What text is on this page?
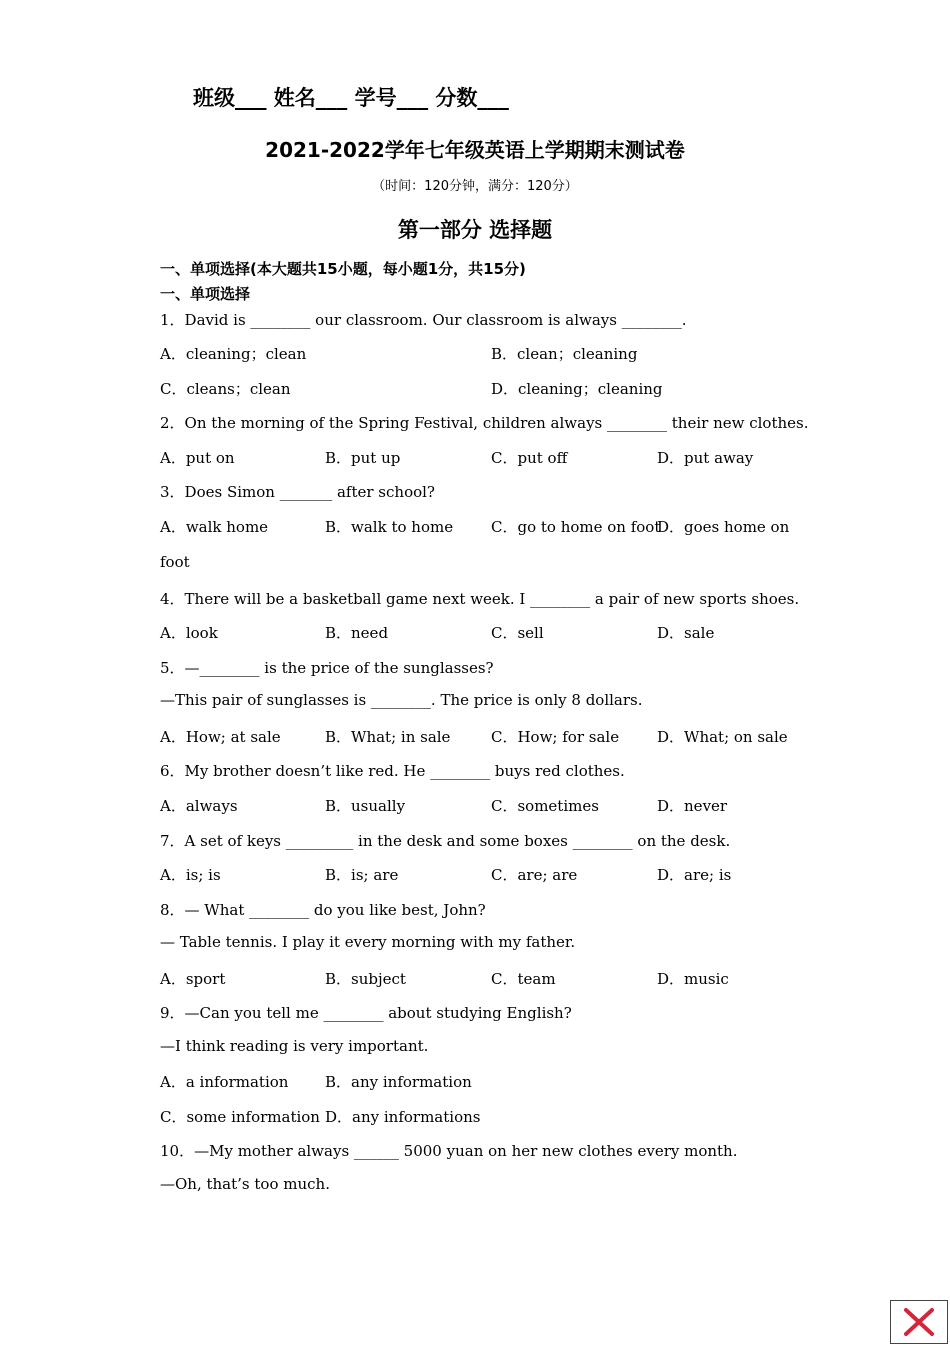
班级___ 姓名___ 学号___ 分数___
2021-2022学年七年级英语上学期期末测试卷
（时间：120分钟，满分：120分）
第一部分 选择题
一、单项选择(本大题共15小题，每小题1分，共15分)
一、单项选择
1．David is ________ our classroom. Our classroom is always ________.
A．cleaning；clean	B．clean；cleaning
C．cleans；clean	D．cleaning；cleaning
2．On the morning of the Spring Festival, children always ________ their new clothes.
A．put on	B．put up	C．put off	D．put away
3．Does Simon _______ after school?
A．walk home	B．walk to home	C．go to home on foot
D．goes home on
foot
4．There will be a basketball game next week. I ________ a pair of new sports shoes.
A．look	B．need	C．sell	D．sale
5．—________ is the price of the sunglasses?
—This pair of sunglasses is ________. The price is only 8 dollars.
A．How; at sale	B．What; in sale	C．How; for sale	D．What; on sale
6．My brother doesn’t like red. He ________ buys red clothes.
A．always	B．usually	C．sometimes	D．never
7．A set of keys _________ in the desk and some boxes ________ on the desk.
A．is; is	B．is; are	C．are; are	D．are; is
8．— What ________ do you like best, John?
— Table tennis. I play it every morning with my father.
A．sport	B．subject	C．team	D．music
9．—Can you tell me ________ about studying English?
—I think reading is very important.
A．a information B．any information
C．some information D．any informations
10．—My mother always ______ 5000 yuan on her new clothes every month.
—Oh, that’s too much.
